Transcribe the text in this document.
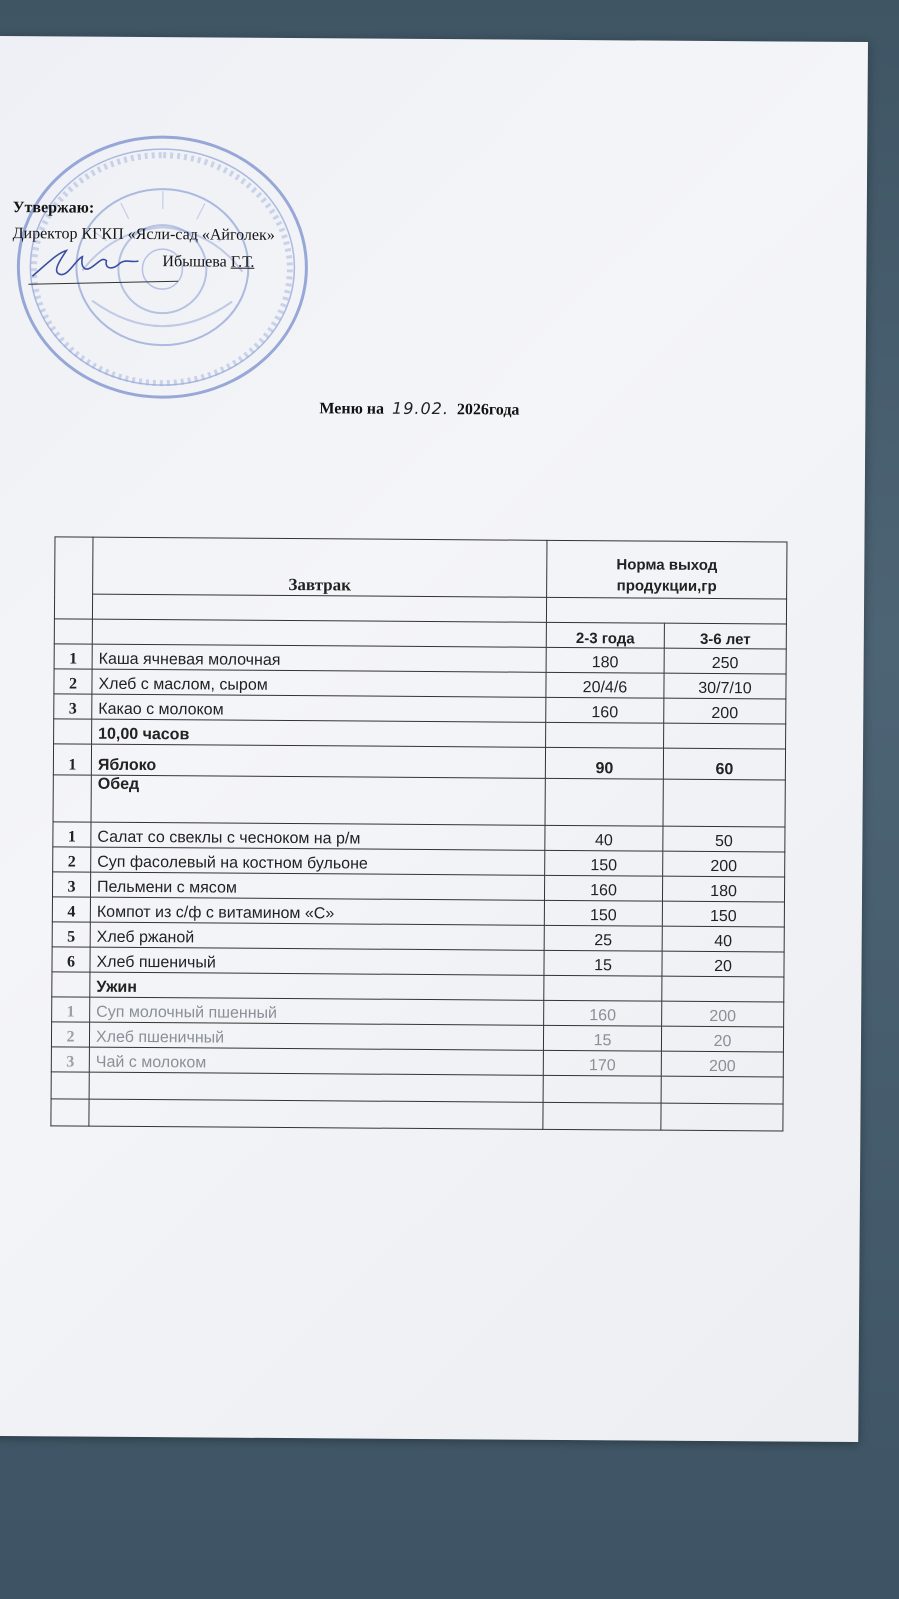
Утвержаю:
Директор КГКП «Ясли-сад «Айголек»
Ибышева Г.Т.
Меню на 19.02. 2026года
	Завтрак	Норма выход
продукции,гр	

		2-3 года	3-6 лет
1	Каша ячневая молочная	180	250
2	Хлеб с маслом, сыром	20/4/6	30/7/10
3	Какао с молоком	160	200
	10,00 часов		
1	Яблоко	90	60
	Обед		
1	Салат со свеклы с чесноком на р/м	40	50
2	Суп фасолевый на костном бульоне	150	200
3	Пельмени с мясом	160	180
4	Компот из с/ф с витамином «С»	150	150
5	Хлеб ржаной	25	40
6	Хлеб пшеничый	15	20
	Ужин		
1	Суп молочный пшенный	160	200
2	Хлеб пшеничный	15	20
3	Чай с молоком	170	200
